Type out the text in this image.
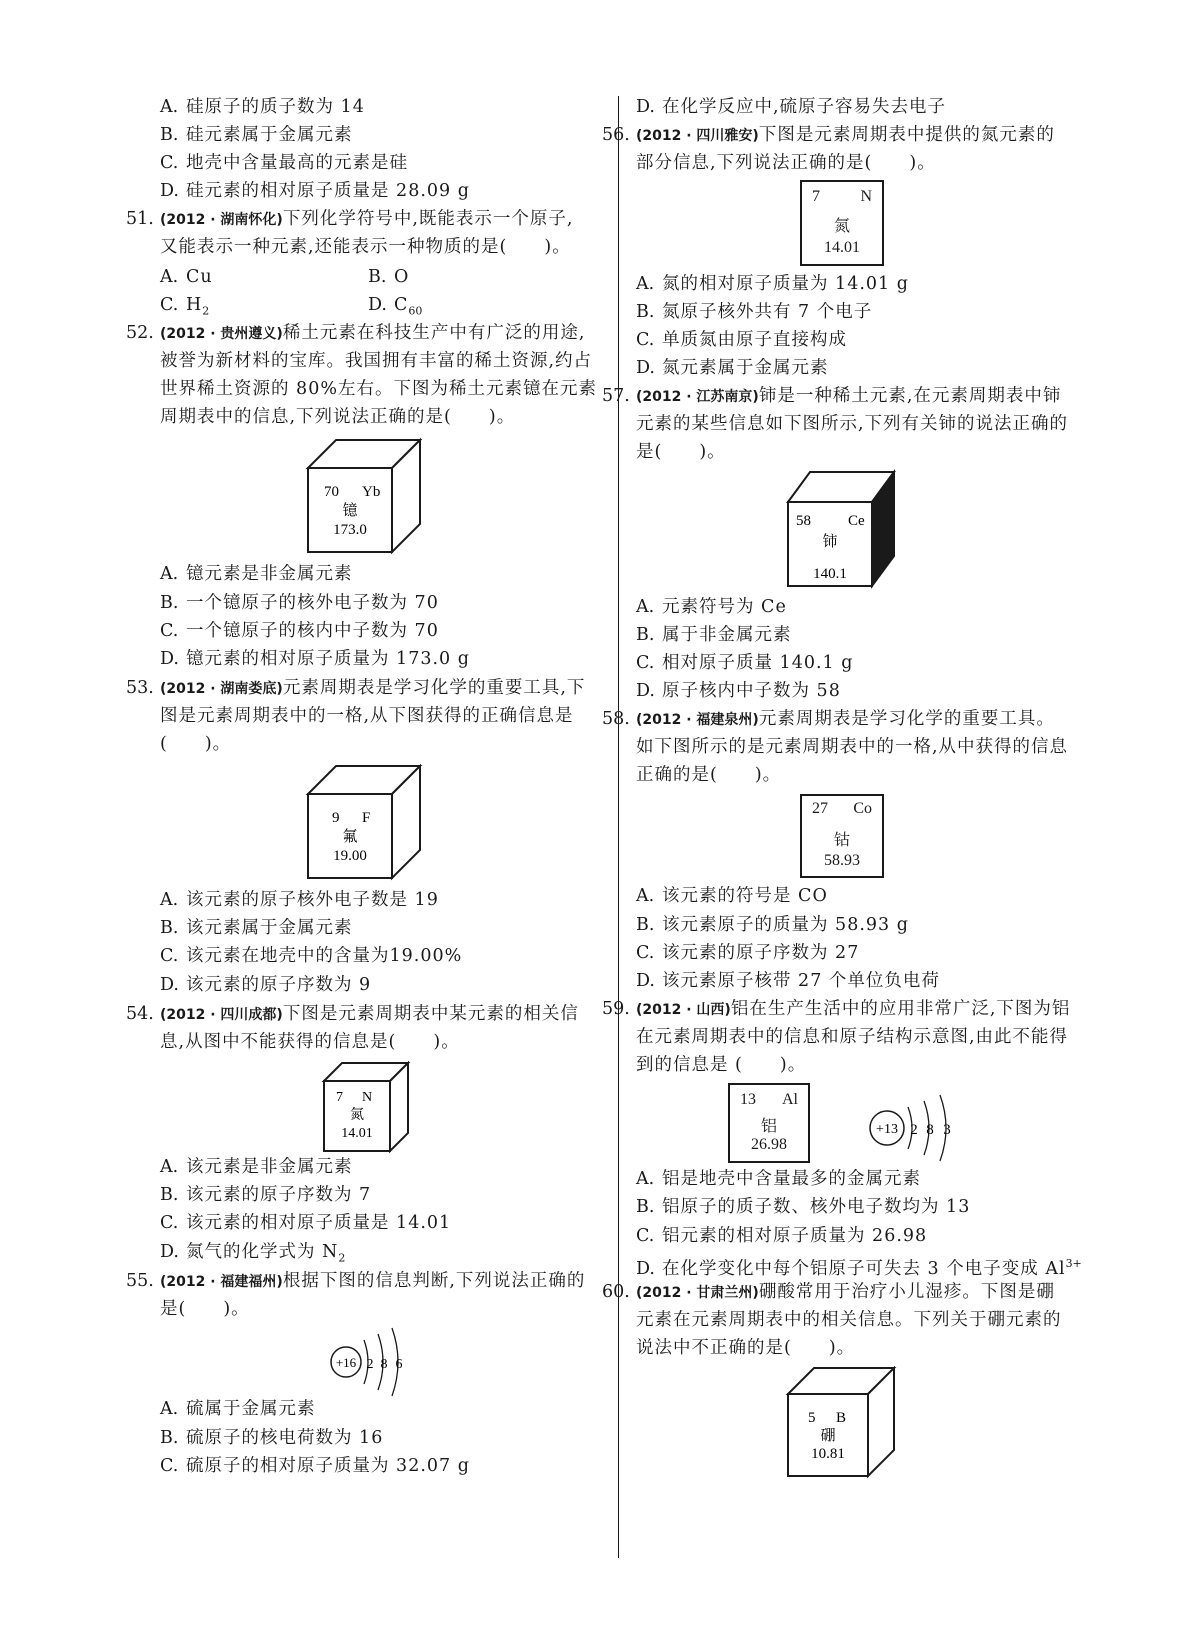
A. 硅原子的质子数为 14
B. 硅元素属于金属元素
C. 地壳中含量最高的元素是硅
D. 硅元素的相对原子质量是 28.09 g
51. (2012 · 湖南怀化)下列化学符号中,既能表示一个原子,
又能表示一种元素,还能表示一种物质的是(　　)。
A. Cu	B. O
C. $H_2$	D. $C_{60}$
52. (2012 · 贵州遵义)稀土元素在科技生产中有广泛的用途,
被誉为新材料的宝库。我国拥有丰富的稀土资源,约占
世界稀土资源的 80%左右。下图为稀土元素镱在元素
周期表中的信息,下列说法正确的是(　　)。
70 Yb
镱
173.0
A. 镱元素是非金属元素
B. 一个镱原子的核外电子数为 70
C. 一个镱原子的核内中子数为 70
D. 镱元素的相对原子质量为 173.0 g
53. (2012 · 湖南娄底)元素周期表是学习化学的重要工具,下
图是元素周期表中的一格,从下图获得的正确信息是
(　　)。
9 F
氟
19.00
A. 该元素的原子核外电子数是 19
B. 该元素属于金属元素
C. 该元素在地壳中的含量为19.00%
D. 该元素的原子序数为 9
54. (2012 · 四川成都)下图是元素周期表中某元素的相关信
息,从图中不能获得的信息是(　　)。
7 N
氮
14.01
A. 该元素是非金属元素
B. 该元素的原子序数为 7
C. 该元素的相对原子质量是 14.01
D. 氮气的化学式为 $N_2$
55. (2012 · 福建福州)根据下图的信息判断,下列说法正确的
是(　　)。
+16 2 8 6
A. 硫属于金属元素
B. 硫原子的核电荷数为 16
C. 硫原子的相对原子质量为 32.07 g
D. 在化学反应中,硫原子容易失去电子
56. (2012 · 四川雅安)下图是元素周期表中提供的氮元素的
部分信息,下列说法正确的是(　　)。
7	N
氮
14.01
A. 氮的相对原子质量为 14.01 g
B. 氮原子核外共有 7 个电子
C. 单质氮由原子直接构成
D. 氮元素属于金属元素
57. (2012 · 江苏南京)铈是一种稀土元素,在元素周期表中铈
元素的某些信息如下图所示,下列有关铈的说法正确的
是(　　)。
58 Ce
铈
140.1
A. 元素符号为 Ce
B. 属于非金属元素
C. 相对原子质量 140.1 g
D. 原子核内中子数为 58
58. (2012 · 福建泉州)元素周期表是学习化学的重要工具。
如下图所示的是元素周期表中的一格,从中获得的信息
正确的是(　　)。
27 Co
钴
58.93
A. 该元素的符号是 CO
B. 该元素原子的质量为 58.93 g
C. 该元素的原子序数为 27
D. 该元素原子核带 27 个单位负电荷
59. (2012 · 山西)铝在生产生活中的应用非常广泛,下图为铝
在元素周期表中的信息和原子结构示意图,由此不能得
到的信息是 (　　)。
13 Al
铝
26.98
+13 2 8 3
A. 铝是地壳中含量最多的金属元素
B. 铝原子的质子数、核外电子数均为 13
C. 铝元素的相对原子质量为 26.98
D. 在化学变化中每个铝原子可失去 3 个电子变成 $Al^{3+}$
60. (2012 · 甘肃兰州)硼酸常用于治疗小儿湿疹。下图是硼
元素在元素周期表中的相关信息。下列关于硼元素的
说法中不正确的是(　　)。
5 B
硼
10.81
